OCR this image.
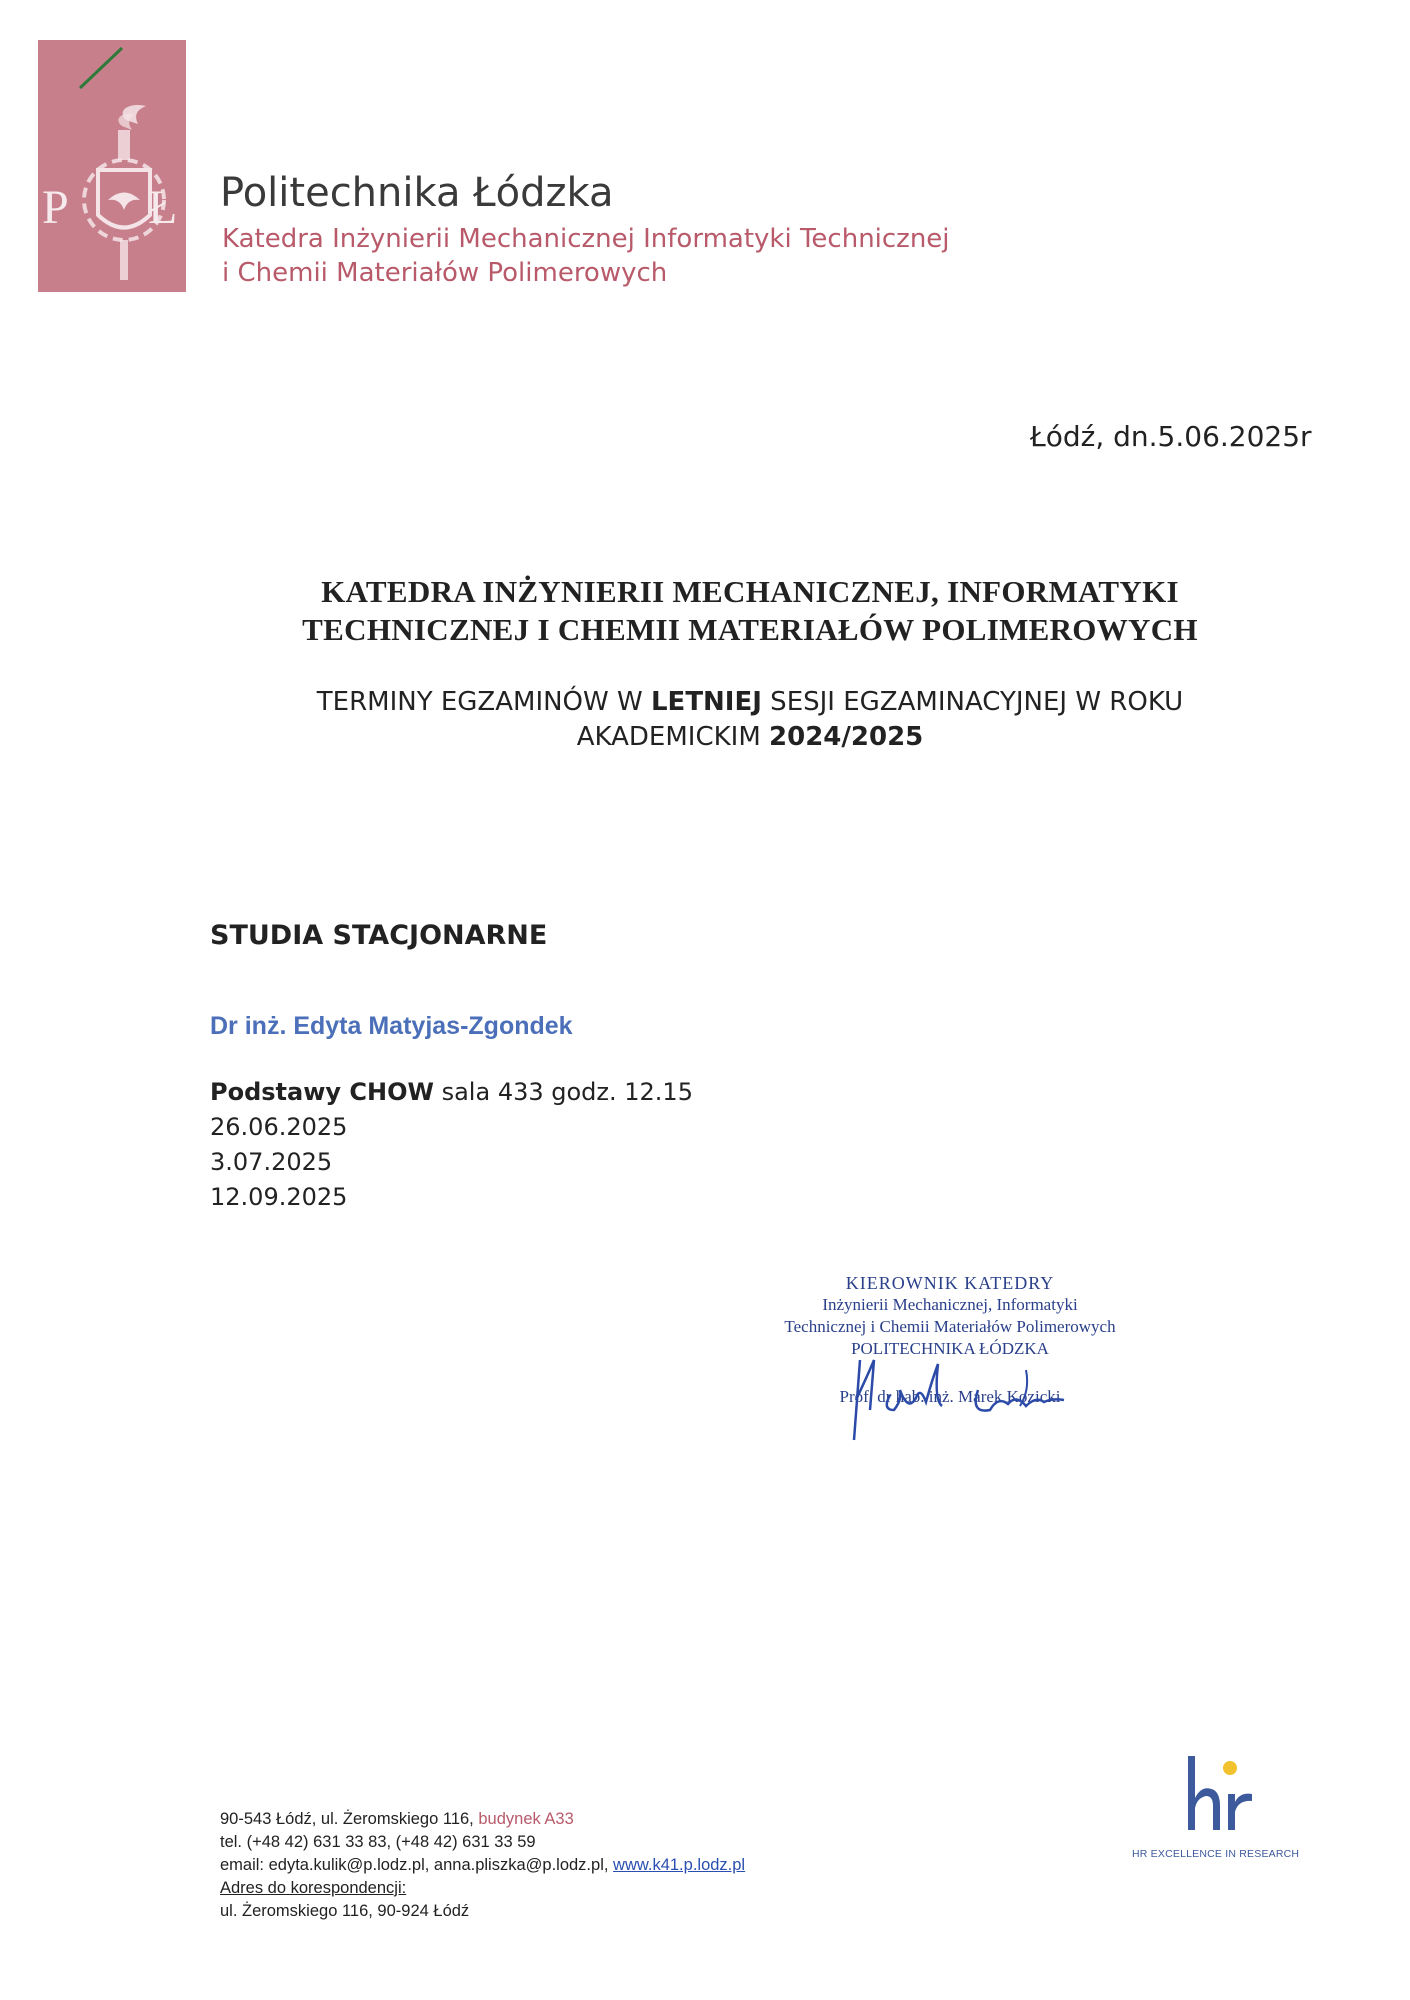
P Ł Politechnika Łódzka
Katedra Inżynierii Mechanicznej Informatyki Technicznej
i Chemii Materiałów Polimerowych
Łódź, dn.5.06.2025r
KATEDRA INŻYNIERII MECHANICZNEJ, INFORMATYKI
TECHNICZNEJ I CHEMII MATERIAŁÓW POLIMEROWYCH
TERMINY EGZAMINÓW W LETNIEJ SESJI EGZAMINACYJNEJ W ROKU
AKADEMICKIM 2024/2025
STUDIA STACJONARNE
Dr inż. Edyta Matyjas-Zgondek
Podstawy CHOW sala 433 godz. 12.15
26.06.2025
3.07.2025
12.09.2025
KIEROWNIK KATEDRY
Inżynierii Mechanicznej, Informatyki
Technicznej i Chemii Materiałów Polimerowych
POLITECHNIKA ŁÓDZKA
Prof. dr hab. inż. Marek Kozicki
90-543 Łódź, ul. Żeromskiego 116, budynek A33
tel. (+48 42) 631 33 83, (+48 42) 631 33 59
email: edyta.kulik@p.lodz.pl, anna.pliszka@p.lodz.pl, www.k41.p.lodz.pl
Adres do korespondencji:
ul. Żeromskiego 116, 90-924 Łódź
HR EXCELLENCE IN RESEARCH
